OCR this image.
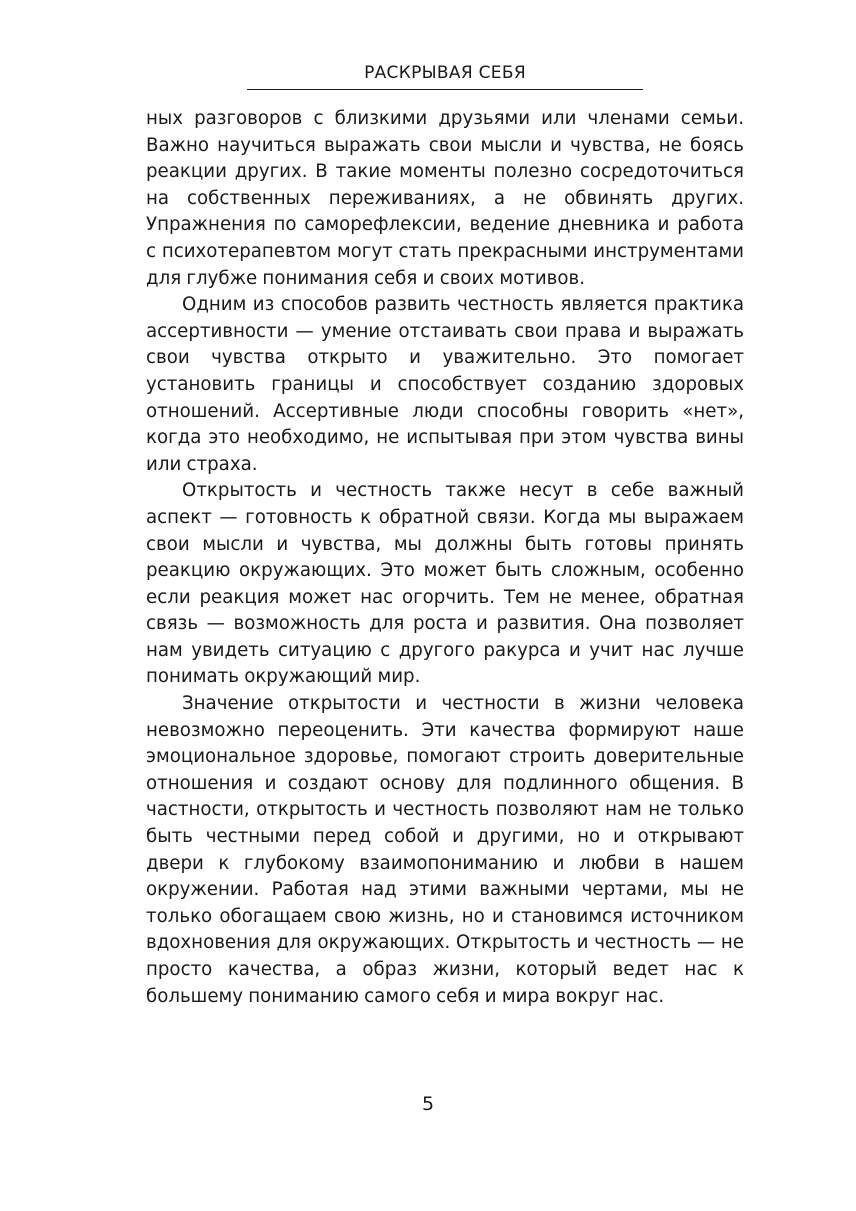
РАСКРЫВАЯ СЕБЯ

ных разговоров с близкими друзьями или членами семьи. Важно научиться выражать свои мысли и чувства, не боясь реакции других. В такие моменты полезно сосредоточиться на собственных переживаниях, а не обвинять других. Упражнения по саморефлексии, ведение дневника и работа с психотерапевтом могут стать прекрасными инструментами для глубже понимания себя и своих мотивов.

Одним из способов развить честность является практика ассертивности — умение отстаивать свои права и выражать свои чувства открыто и уважительно. Это помогает установить границы и способствует созданию здоровых отношений. Ассертивные люди способны говорить «нет», когда это необходимо, не испытывая при этом чувства вины или страха.

Открытость и честность также несут в себе важный аспект — готовность к обратной связи. Когда мы выражаем свои мысли и чувства, мы должны быть готовы принять реакцию окружающих. Это может быть сложным, особенно если реакция может нас огорчить. Тем не менее, обратная связь — возможность для роста и развития. Она позволяет нам увидеть ситуацию с другого ракурса и учит нас лучше понимать окружающий мир.

Значение открытости и честности в жизни человека невозможно переоценить. Эти качества формируют наше эмоциональное здоровье, помогают строить доверительные отношения и создают основу для подлинного общения. В частности, открытость и честность позволяют нам не только быть честными перед собой и другими, но и открывают двери к глубокому взаимопониманию и любви в нашем окружении. Работая над этими важными чертами, мы не только обогащаем свою жизнь, но и становимся источником вдохновения для окружающих. Открытость и честность — не просто качества, а образ жизни, который ведет нас к большему пониманию самого себя и мира вокруг нас.

5
